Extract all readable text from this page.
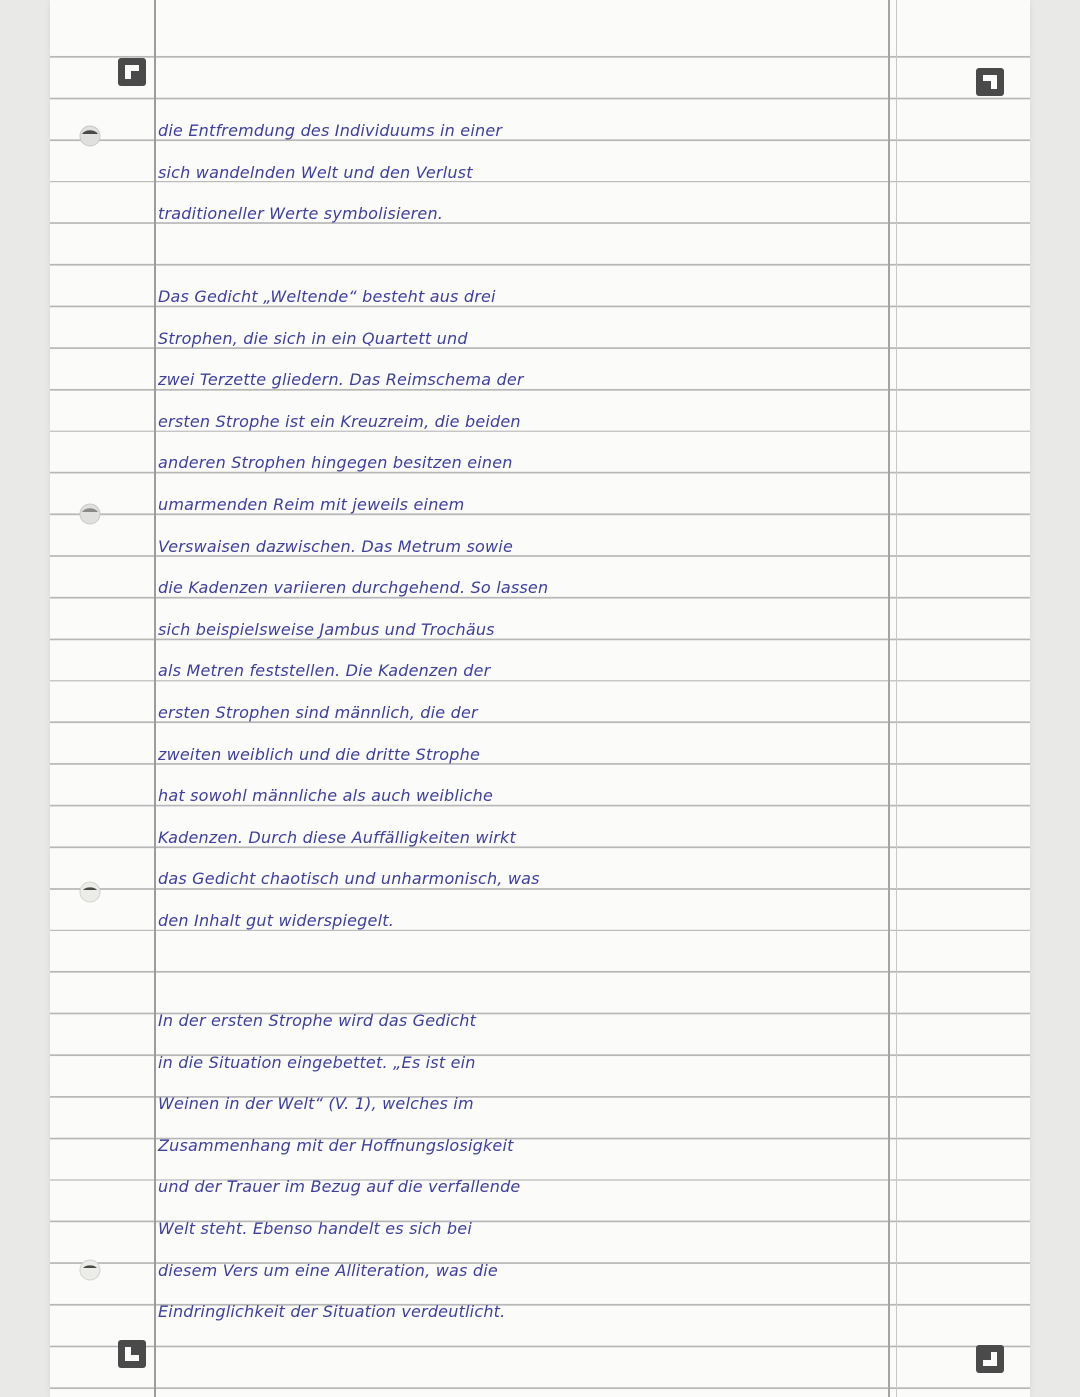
die Entfremdung des Individuums in einer
sich wandelnden Welt und den Verlust
traditioneller Werte symbolisieren.
Das Gedicht „Weltende“ besteht aus drei
Strophen, die sich in ein Quartett und
zwei Terzette gliedern. Das Reimschema der
ersten Strophe ist ein Kreuzreim, die beiden
anderen Strophen hingegen besitzen einen
umarmenden Reim mit jeweils einem
Verswaisen dazwischen. Das Metrum sowie
die Kadenzen variieren durchgehend. So lassen
sich beispielsweise Jambus und Trochäus
als Metren feststellen. Die Kadenzen der
ersten Strophen sind männlich, die der
zweiten weiblich und die dritte Strophe
hat sowohl männliche als auch weibliche
Kadenzen. Durch diese Auffälligkeiten wirkt
das Gedicht chaotisch und unharmonisch, was
den Inhalt gut widerspiegelt.
In der ersten Strophe wird das Gedicht
in die Situation eingebettet. „Es ist ein
Weinen in der Welt“ (V. 1), welches im
Zusammenhang mit der Hoffnungslosigkeit
und der Trauer im Bezug auf die verfallende
Welt steht. Ebenso handelt es sich bei
diesem Vers um eine Alliteration, was die
Eindringlichkeit der Situation verdeutlicht.
